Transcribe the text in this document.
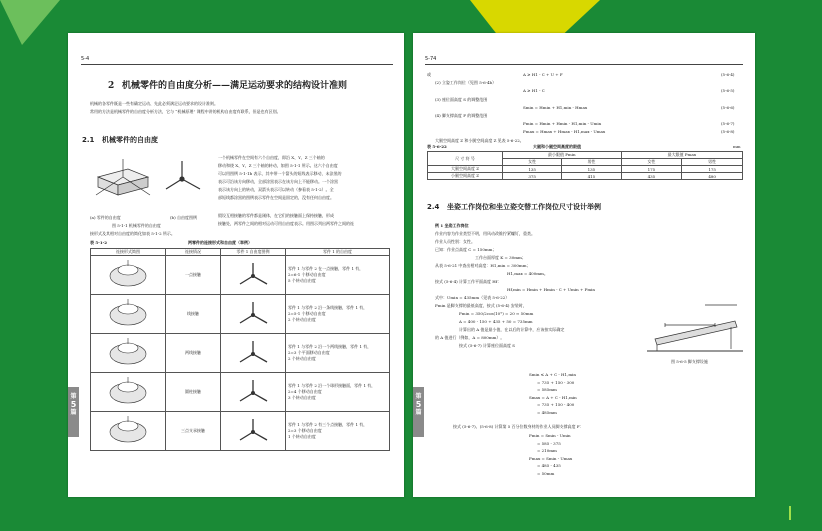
5-4
2 机械零件的自由度分析——满足运动要求的结构设计准则
机械的各零件既是一些有确定运动、先此必须满足运动要求的设计准则。
常用的方法是机械零件的自由度分析方法，它与 “机械原理” 课程中讲的机构自由度有联系，但是也有区别。
2.1 机械零件的自由度
(a) 零件的自由度	(b) 自由度图例
图 5-1-1 机械零件的自由度
一个机械零件在空间有六个自由度，即沿 X、Y、Z 三个轴的
移动和绕 X、Y、Z 三个轴的转动，如图 5-1-1 所示。这六个自由度
可以用图例 5-1-1b 表示，其中带一个箭头的短线表示移动，未涂黑的
表示可沿该方向移动，全部涂黑表示在该方向上不能移动。一个涂黑
表示该方向上的转动，双箭头表示可以转动（参看表 5-1-2）。全
部短线都涂黑的图例表示零件在空间是固定的，没有任何自由度。
假设互相接触的零件都是刚体，在它们的接触面上保持接触，形成
接触处，两零件之间的相对运动可用自由度表示。用图示列出两零件之间的连
接形式及其相对自由度的简化如表 5-1-2 所示。
表 5-1-2	两零件的连接形式和自由度（举例）
连接形式简图	连接情况	零件 1 自由度图例	零件 1 的自由度
	一点接触		零件 1 与零件 2 在一点接触，零件 1 有，
2=6-1 个移动自由度
5 个转动自由度

	线接触		零件 1 与零件 2 沿一条线接触，零件 1 有，
2=5-1 个移动自由度
2 个转动自由度

	两线接触		零件 1 与零件 2 沿一个两线接触，零件 1 有，
2=3 个平面移动自由度
2 个转动自由度

	圆柱接触		零件 1 与零件 2 沿一个球形接触面，零件 1 有，
2=4 个移动自由度
3 个转动自由度

	三点支承接触		零件 1 与零件 2 有三个点接触，零件 1 有，
2=3 个移动自由度
1 个转动自由度
第
5
篇
5-74
表 5-6-22	大腿和小腿空间高度的限值	mm
尺 寸 符 号	最小限值 Pmin		最大限值 Pmax	
	女性	男性	女性	男性
大腿空间高度 Z	135	135	175	175
小腿空间高度 Z	375	415	435	480
2.4 坐姿工作岗位和坐立姿交替工作岗位尺寸设计举例
图 5-6-5 脚支撑设施
第
5
篇
或	A ≥ H1 - C + U + F	(5-6-4)
(2) 立姿工作岗位（见图 5-6-4b）
A ≥ H1 - C	(5-6-5)
(3) 座位面高度 S 的调整范围
Smin = Hmin + H1,min - Hmax	(5-6-6)
(4) 脚支撑高度 F 的调整范围
Fmin = Hmin + Hmin - H1,min - Umin	(5-6-7)
Fmax = Hmax + Hmax - H1,max - Umax	(5-6-8)
大腿空间高度 Z 和小腿空间高度 Z 见表 5-6-22。
例 1 坐姿工作岗位
作业内容为作业类型不明，用风动改锥拧紧螺钉，重类。
作业人员性别：女性。
已知：作业点高度 C = 150mm；
工作台面厚度 K = 30mm；
从表 5-6-21 中查出相对高度：H1,min = 300mm；
H1,max = 400mm。
按式 (5-6-4) 计算工作平面高度 Hf：
Hf,min = Hmin + Hmin - C + Umin + Fmin
式中：Umin = 435mm（见表 5-6-22）
Fmin 是脚支撑的最低高度，按式 (5-6-4) 安装时，
Fmin = 350/2cos(10°) = 20 ≈ 50mm
A = 400 - 150 + 435 + 50 = 735mm
计算出的 A 值是最小值，在以后的计算中，应该按实际确定
的 A 值进行（例如，A = 800mm）。
按式 (5-6-7) 计算座位面高度 S
Smin ≤ A + C - H1,min
= 735 + 150 - 300
= 585mm
Smax = A + C - H1,min
= 735 + 150 - 400
= 485mm
按式 (5-6-7)、(5-6-8) 计算第 5 百分位数身材的作业人员脚支撑高度 F：
Fmin = Smin - Umin
= 585 - 375
= 210mm
Fmax = Smin - Umax
= 485 - 435
= 50mm
